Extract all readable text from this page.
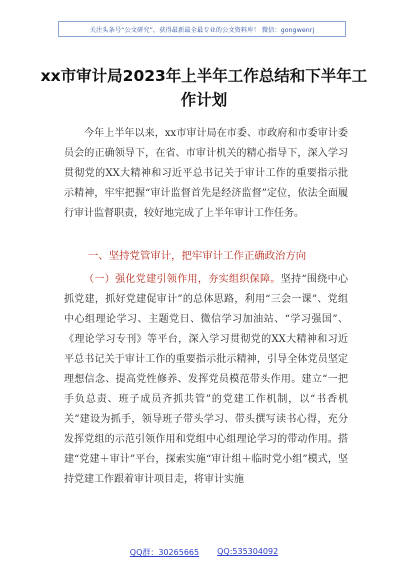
关注头条号“公文研究”，获得最新最全最专业的公文资料库！ 微信：gongwenrj
xx市审计局2023年上半年工作总结和下半年工作计划

今年上半年以来，xx市审计局在市委、市政府和市委审计委员会的正确领导下，在省、市审计机关的精心指导下，深入学习贯彻党的XX大精神和习近平总书记关于审计工作的重要指示批示精神，牢牢把握“审计监督首先是经济监督”定位，依法全面履行审计监督职责，较好地完成了上半年审计工作任务。

一、坚持党管审计，把牢审计工作正确政治方向

（一）强化党建引领作用，夯实组织保障。坚持“围绕中心抓党建，抓好党建促审计”的总体思路，利用“三会一课”、党组中心组理论学习、主题党日、微信学习加油站、“学习强国”、《理论学习专刊》等平台，深入学习贯彻党的XX大精神和习近平总书记关于审计工作的重要指示批示精神，引导全体党员坚定理想信念、提高党性修养、发挥党员模范带头作用。建立“一把手负总责、班子成员齐抓共管”的党建工作机制，以“书香机关”建设为抓手，领导班子带头学习、带头撰写读书心得，充分发挥党组的示范引领作用和党组中心组理论学习的带动作用。搭建“党建＋审计”平台，探索实施“审计组＋临时党小组”模式，坚持党建工作跟着审计项目走，将审计实施

QQ群：30265665 QQ:535304092
